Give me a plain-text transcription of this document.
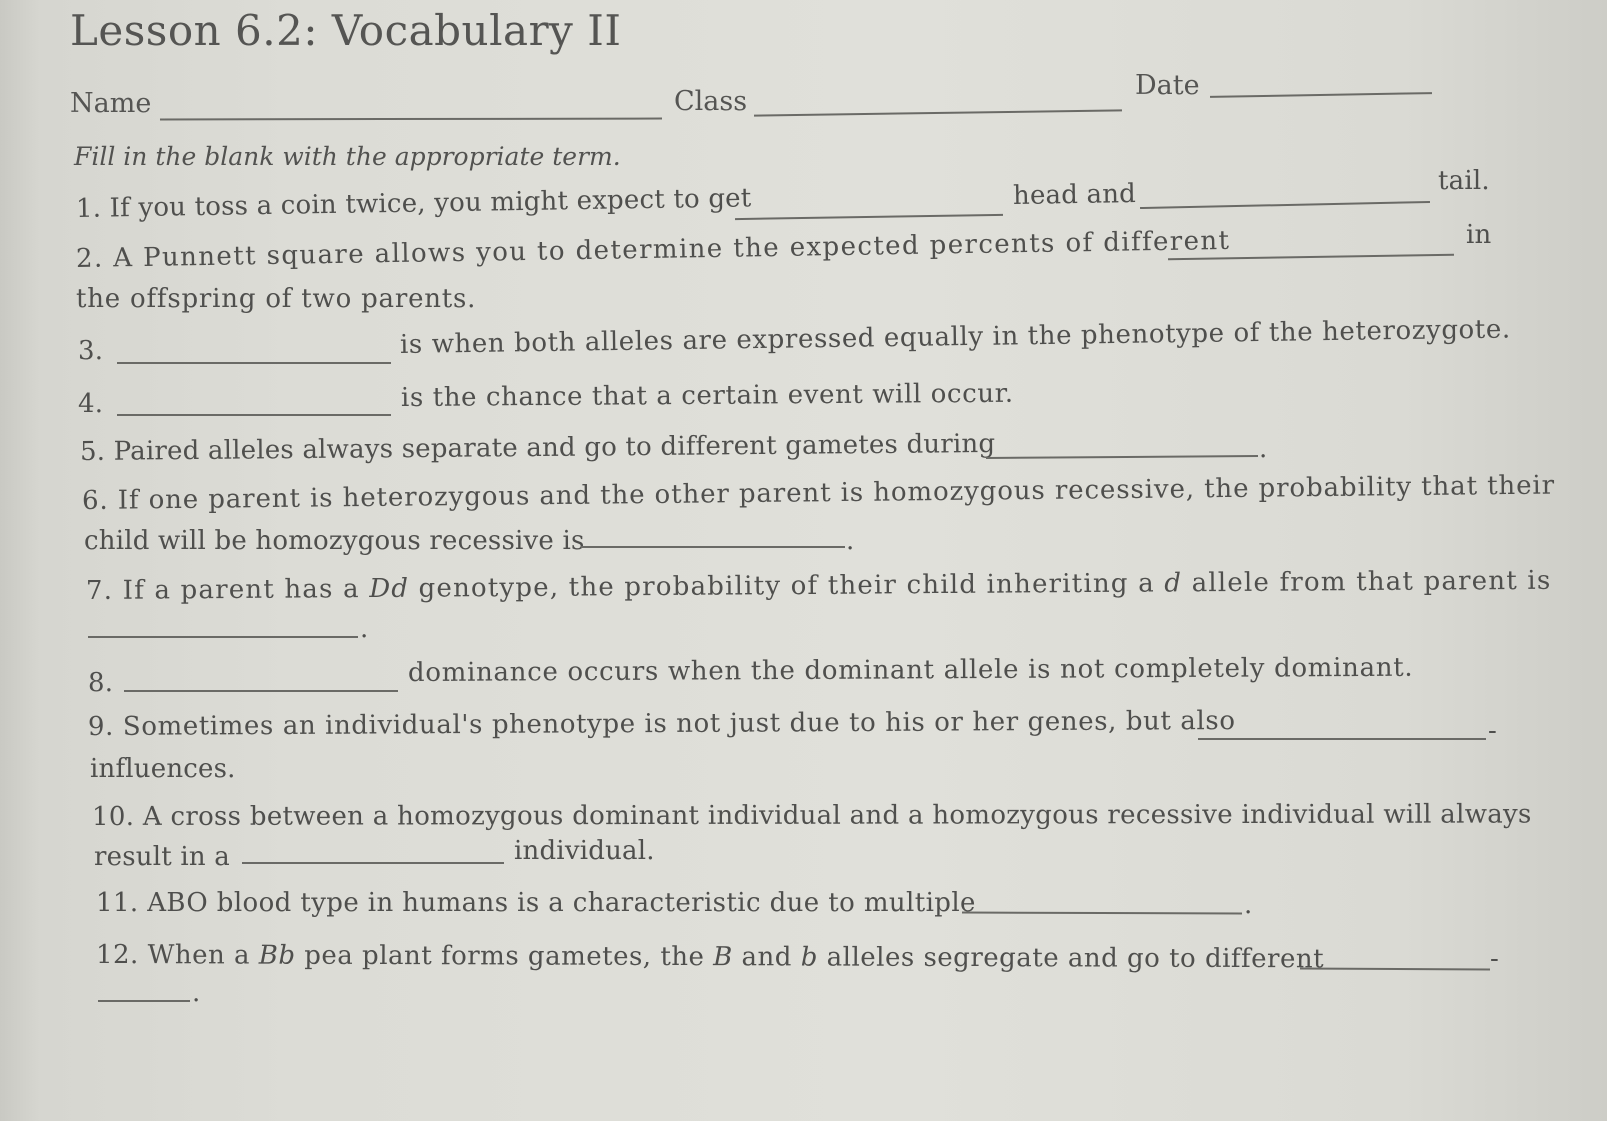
Lesson 6.2: Vocabulary II
Name	Class
Date
Fill in the blank with the appropriate term.
1. If you toss a coin twice, you might expect to get	head and	tail.
2. A Punnett square allows you to determine the expected percents of different	in
the offspring of two parents.
3.	is when both alleles are expressed equally in the phenotype of the heterozygote.
4.	is the chance that a certain event will occur.
5. Paired alleles always separate and go to different gametes during	.
6. If one parent is heterozygous and the other parent is homozygous recessive, the probability that their
child will be homozygous recessive is	.
7. If a parent has a Dd genotype, the probability of their child inheriting a d allele from that parent is
.
8.	dominance occurs when the dominant allele is not completely dominant.
9. Sometimes an individual's phenotype is not just due to his or her genes, but also	-
influences.
10. A cross between a homozygous dominant individual and a homozygous recessive individual will always
result in a	individual.
11. ABO blood type in humans is a characteristic due to multiple	.
12. When a Bb pea plant forms gametes, the B and b alleles segregate and go to different	-
.
